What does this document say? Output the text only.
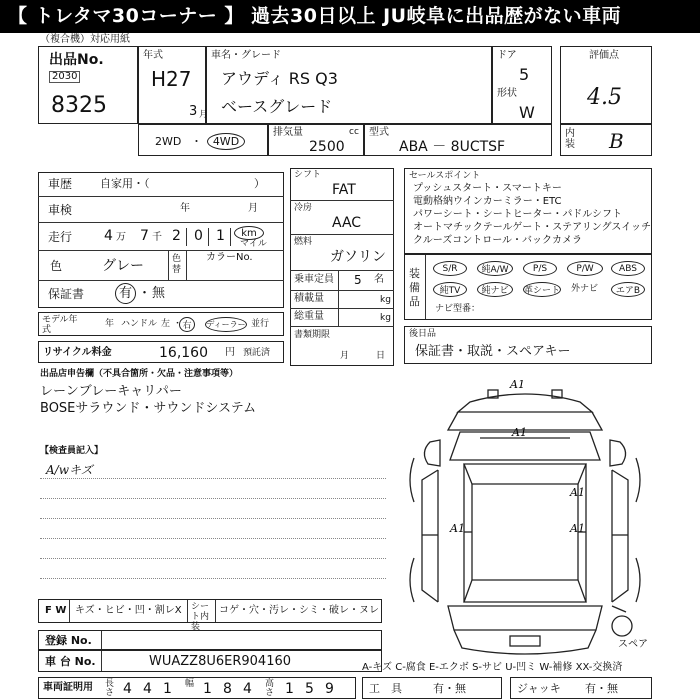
【 トレタマ30コーナー 】 過去30日以上 JU岐阜に出品歴がない車両
（複合機）対応用紙
出品No.
2030
8325
年式
H27
3 月
車名・グレード
アウディ RS Q3
ベースグレード
ドア
5
形状
W
評価点
4.5
2WD ・ 4WD
排気量	cc
2500
型式
ABA － 8UCTSF
内装 B
車歴	自家用・（	）
車検	年	月
走行 4 万 7 千 2 0 1	km
マイル
色	グレー	色替
カラーNo.
保証書	有 ・ 無
モデル年式
年 ハンドル 左 ・ 右	ディーラー 並行
リサイクル料金	16,160 円 預託済
シフト
FAT
冷房
AAC
燃料
ガソリン
乗車定員 5 名
積載量	kg
総重量	kg
書類期限
月	日
セールスポイント
プッシュスタート・スマートキー
電動格納ウインカーミラー・ETC
パワーシート・シートヒーター・パドルシフト
オートマチックテールゲート・ステアリングスイッチ
クルーズコントロール・バックカメラ
装備品
S/R	純A/W	P/S	P/W	ABS
純TV	純ナビ	革シート 外ナビ	エアB
ナビ型番：
後日品
保証書・取説・スペアキー
出品店申告欄（不具合箇所・欠品・注意事項等）
レーンブレーキャリパー
BOSEサラウンド・サウンドシステム
【検査員記入】
A/wキズ
A1
A1
A1
A1	A1
スペア
F W キズ・ヒビ・凹・割レX シート内 装
コゲ・穴・汚レ・シミ・破レ・ヌレ
登録 No.
車 台 No.	WUAZZ8U6ER904160	A-キズ C-腐食 E-エクボ S-サビ U-凹ミ W-補修 XX-交換済
車両証明用 長さ 4 4 1 幅 1 8 4 高さ 1 5 9	工　具	有・無	ジャッキ 有・無
